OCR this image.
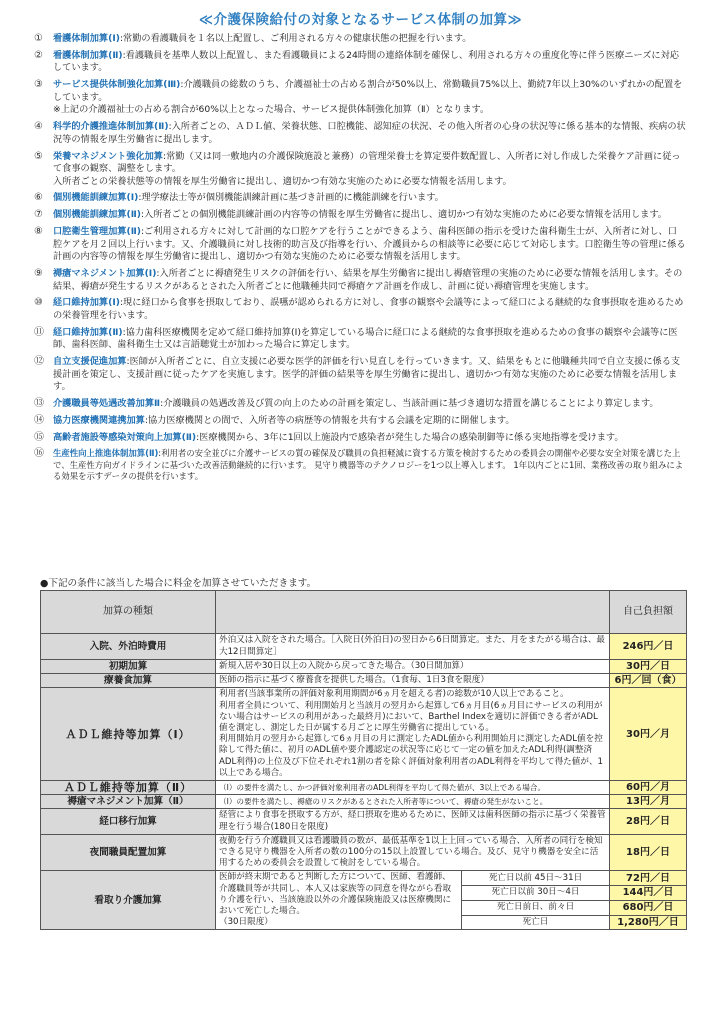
≪介護保険給付の対象となるサービス体制の加算≫
①	看護体制加算(Ⅰ):常勤の看護職員を１名以上配置し、ご利用される方々の健康状態の把握を行います。
②	看護体制加算(Ⅱ):看護職員を基準人数以上配置し、また看護職員による24時間の連絡体制を確保し、利用される方々の重度化等に伴う医療ニーズに対応しています。
③	サービス提供体制強化加算(Ⅲ):介護職員の総数のうち、介護福祉士の占める割合が50%以上、常勤職員75%以上、勤続7年以上30%のいずれかの配置をしています。
※上記の介護福祉士の占める割合が60%以上となった場合、サービス提供体制強化加算（Ⅱ）となります。
④	科学的介護推進体制加算(Ⅱ):入所者ごとの、ＡＤＬ値、栄養状態、口腔機能、認知症の状況、その他入所者の心身の状況等に係る基本的な情報、疾病の状況等の情報を厚生労働省に提出します。
⑤	栄養マネジメント強化加算:常勤（又は同一敷地内の介護保険施設と兼務）の管理栄養士を算定要件数配置し、入所者に対し作成した栄養ケア計画に従って食事の観察、調整をします。
入所者ごとの栄養状態等の情報を厚生労働省に提出し、適切かつ有効な実施のために必要な情報を活用します。
⑥	個別機能訓練加算(Ⅰ):理学療法士等が個別機能訓練計画に基づき計画的に機能訓練を行います。
⑦	個別機能訓練加算(Ⅱ):入所者ごとの個別機能訓練計画の内容等の情報を厚生労働省に提出し、適切かつ有効な実施のために必要な情報を活用します。
⑧	口腔衛生管理加算(Ⅱ):ご利用される方々に対して計画的な口腔ケアを行うことができるよう、歯科医師の指示を受けた歯科衛生士が、入所者に対し、口腔ケアを月２回以上行います。又、介護職員に対し技術的助言及び指導を行い、介護員からの相談等に必要に応じて対応します。口腔衛生等の管理に係る計画の内容等の情報を厚生労働省に提出し、適切かつ有効な実施のために必要な情報を活用します。
⑨	褥瘡マネジメント加算(Ⅰ):入所者ごとに褥瘡発生リスクの評価を行い、結果を厚生労働省に提出し褥瘡管理の実施のために必要な情報を活用します。その結果、褥瘡が発生するリスクがあるとされた入所者ごとに他職種共同で褥瘡ケア計画を作成し、計画に従い褥瘡管理を実施します。
⑩	経口維持加算(Ⅰ):現に経口から食事を摂取しており、誤嚥が認められる方に対し、食事の観察や会議等によって経口による継続的な食事摂取を進めるための栄養管理を行います。
⑪ 経口維持加算(Ⅱ):協力歯科医療機関を定めて経口維持加算(Ⅰ)を算定している場合に経口による継続的な食事摂取を進めるための食事の観察や会議等に医師、歯科医師、歯科衛生士又は言語聴覚士が加わった場合に算定します。
⑫ 自立支援促進加算:医師が入所者ごとに、自立支援に必要な医学的評価を行い見直しを行っていきます。又、結果をもとに他職種共同で自立支援に係る支援計画を策定し、支援計画に従ったケアを実施します。医学的評価の結果等を厚生労働省に提出し、適切かつ有効な実施のために必要な情報を活用します。
⑬ 介護職員等処遇改善加算Ⅱ:介護職員の処遇改善及び質の向上のための計画を策定し、当該計画に基づき適切な措置を講じることにより算定します。
⑭ 協力医療機関連携加算:協力医療機関との間で、入所者等の病歴等の情報を共有する会議を定期的に開催します。
⑮ 高齢者施設等感染対策向上加算(Ⅱ):医療機関から、3年に1回以上施設内で感染者が発生した場合の感染制御等に係る実地指導を受けます。
⑯	生産性向上推進体制加算(Ⅱ):利用者の安全並びに介護サービスの質の確保及び職員の負担軽減に資する方策を検討するための委員会の開催や必要な安全対策を講じた上で、生産性方向ガイドラインに基づいた改善活動継続的に行います。 見守り機器等のテクノロジーを1つ以上導入します。 1年以内ごとに1回、業務改善の取り組みによる効果を示すデータの提供を行います。
●下記の条件に該当した場合に料金を加算させていただきます。
加算の種類			自己負担額
入院、外泊時費用	外泊又は入院をされた場合。［入院日(外泊日)の翌日から6日間算定。また、月をまたがる場合は、最大12日間算定］		246円／日
初期加算	新規入居や30日以上の入院から戻ってきた場合。（30日間加算）		30円／日
療養食加算	医師の指示に基づく療養食を提供した場合。（1食毎、1日3食を限度）		6円／回（食）
ＡＤＬ維持等加算（Ⅰ）	利用者(当該事業所の評価対象利用期間が6ヵ月を超える者)の総数が10人以上であること。
利用者全員について、利用開始月と当該月の翌月から起算して6ヵ月目(6ヵ月目にサービスの利用がない場合はサービスの利用があった最終月)において、Barthel Indexを適切に評価できる者がADL値を測定し、測定した日が属する月ごとに厚生労働省に提出している。
利用開始月の翌月から起算して6ヵ月目の月に測定したADL値から利用開始月に測定したADL値を控除して得た値に、初月のADL値や要介護認定の状況等に応じて一定の値を加えたADL利得(調整済ADL利得)の上位及び下位それぞれ1割の者を除く評価対象利用者のADL利得を平均して得た値が、1以上である場合。		30円／月
ＡＤＬ維持等加算（Ⅱ）	（Ⅰ）の要件を満たし、かつ評価対象利用者のADL利得を平均して得た値が、3以上である場合。		60円／月
褥瘡マネジメント加算（Ⅱ）	（Ⅰ）の要件を満たし、褥瘡のリスクがあるとされた入所者等について、褥瘡の発生がないこと。		13円／月
経口移行加算	経管により食事を摂取する方が、経口摂取を進めるために、医師又は歯科医師の指示に基づく栄養管理を行う場合(180日を限度)		28円／日
夜間職員配置加算	夜勤を行う介護職員又は看護職員の数が、最低基準を1以上上回っている場合、入所者の同行を検知できる見守り機器を入所者の数の100分の15以上設置している場合。及び、見守り機器を安全に活用するための委員会を設置して検討をしている場合。		18円／日
看取り介護加算	医師が終末期であると判断した方について、医師、看護師、介護職員等が共同し、本人又は家族等の同意を得ながら看取り介護を行い、当該施設以外の介護保険施設又は医療機関において死亡した場合。
（30日限度）	死亡日以前 45日～31日	72円／日
		死亡日以前 30日～4日	144円／日
		死亡日前日、前々日	680円／日
		死亡日	1,280円／日
